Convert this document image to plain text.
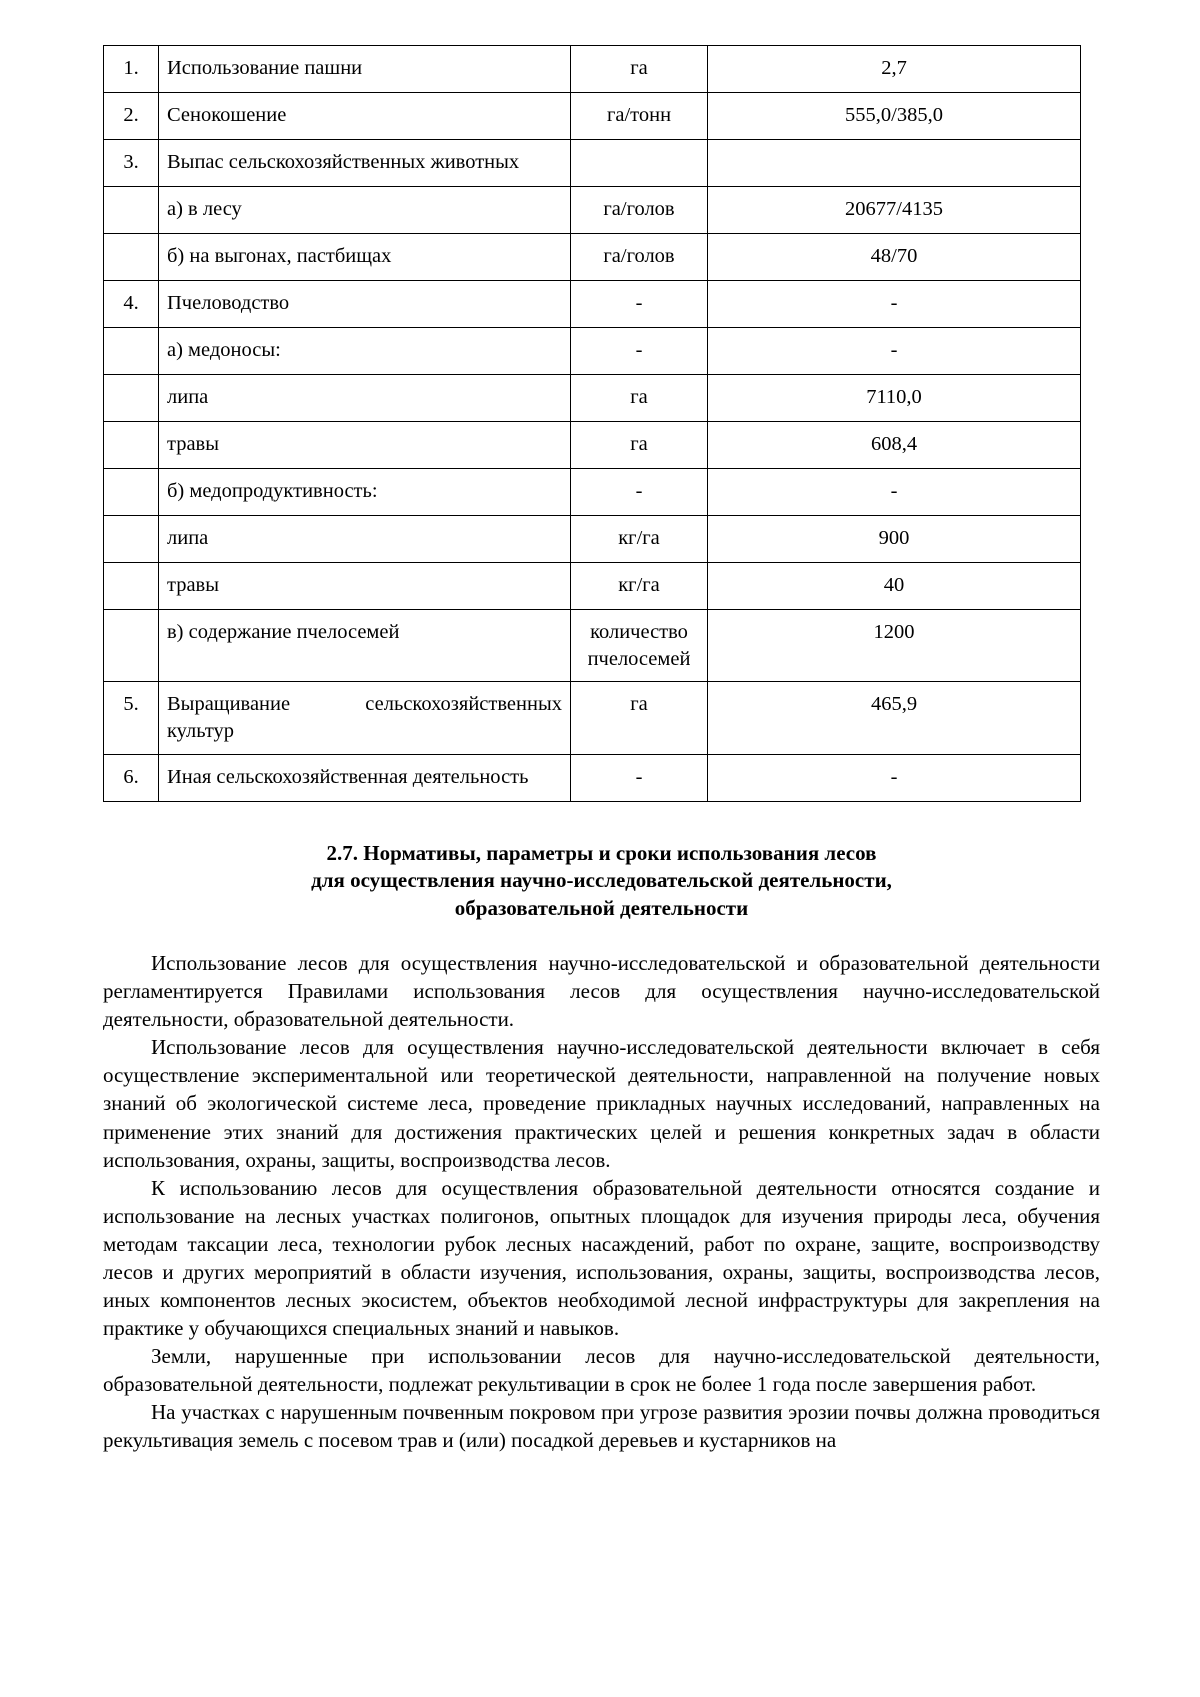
1.	Использование пашни	га	2,7
2.	Сенокошение	га/тонн	555,0/385,0
3.	Выпас сельскохозяйственных животных		
	а) в лесу	га/голов	20677/4135
	б) на выгонах, пастбищах	га/голов	48/70
4.	Пчеловодство	-	-
	а) медоносы:	-	-
	липа	га	7110,0
	травы	га	608,4
	б) медопродуктивность:	-	-
	липа	кг/га	900
	травы	кг/га	40
	в) содержание пчелосемей	количество пчелосемей	1200
5.	Выращивание сельскохозяйственных культур	га	465,9
6.	Иная сельскохозяйственная деятельность	-	-
2.7. Нормативы, параметры и сроки использования лесов
для осуществления научно-исследовательской деятельности,
образовательной деятельности

Использование лесов для осуществления научно-исследовательской и образовательной деятельности регламентируется Правилами использования лесов для осуществления научно-исследовательской деятельности, образовательной деятельности.

Использование лесов для осуществления научно-исследовательской деятельности включает в себя осуществление экспериментальной или теоретической деятельности, направленной на получение новых знаний об экологической системе леса, проведение прикладных научных исследований, направленных на применение этих знаний для достижения практических целей и решения конкретных задач в области использования, охраны, защиты, воспроизводства лесов.

К использованию лесов для осуществления образовательной деятельности относятся создание и использование на лесных участках полигонов, опытных площадок для изучения природы леса, обучения методам таксации леса, технологии рубок лесных насаждений, работ по охране, защите, воспроизводству лесов и других мероприятий в области изучения, использования, охраны, защиты, воспроизводства лесов, иных компонентов лесных экосистем, объектов необходимой лесной инфраструктуры для закрепления на практике у обучающихся специальных знаний и навыков.

Земли, нарушенные при использовании лесов для научно-исследовательской деятельности, образовательной деятельности, подлежат рекультивации в срок не более 1 года после завершения работ.

На участках с нарушенным почвенным покровом при угрозе развития эрозии почвы должна проводиться рекультивация земель с посевом трав и (или) посадкой деревьев и кустарников на
